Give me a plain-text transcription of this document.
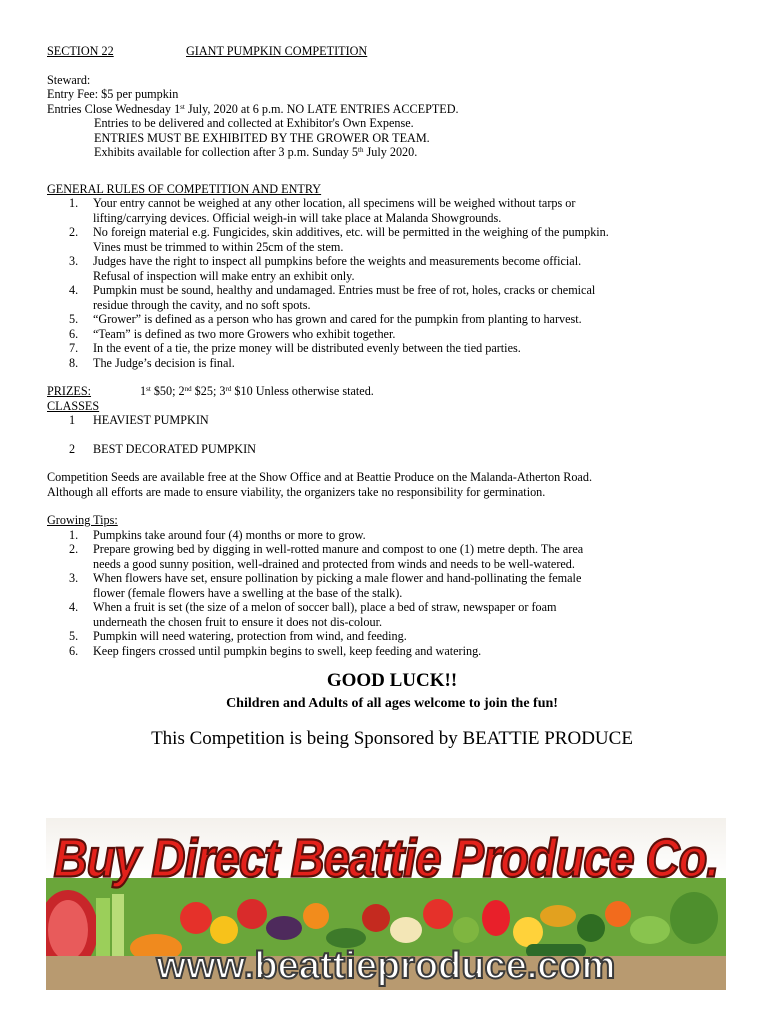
SECTION 22	GIANT PUMPKIN COMPETITION
Steward:
Entry Fee: $5 per pumpkin
Entries Close Wednesday 1st July, 2020 at 6 p.m. NO LATE ENTRIES ACCEPTED.
Entries to be delivered and collected at Exhibitor's Own Expense.
ENTRIES MUST BE EXHIBITED BY THE GROWER OR TEAM.
Exhibits available for collection after 3 p.m. Sunday 5th July 2020.
GENERAL RULES OF COMPETITION AND ENTRY
1. Your entry cannot be weighed at any other location, all specimens will be weighed without tarps or
lifting/carrying devices. Official weigh-in will take place at Malanda Showgrounds.
2. No foreign material e.g. Fungicides, skin additives, etc. will be permitted in the weighing of the pumpkin.
Vines must be trimmed to within 25cm of the stem.
3. Judges have the right to inspect all pumpkins before the weights and measurements become official.
Refusal of inspection will make entry an exhibit only.
4. Pumpkin must be sound, healthy and undamaged. Entries must be free of rot, holes, cracks or chemical
residue through the cavity, and no soft spots.
5. “Grower” is defined as a person who has grown and cared for the pumpkin from planting to harvest.
6. “Team” is defined as two more Growers who exhibit together.
7. In the event of a tie, the prize money will be distributed evenly between the tied parties.
8. The Judge’s decision is final.
PRIZES:	1st $50; 2nd $25; 3rd $10 Unless otherwise stated.
CLASSES
1 HEAVIEST PUMPKIN
2 BEST DECORATED PUMPKIN
Competition Seeds are available free at the Show Office and at Beattie Produce on the Malanda-Atherton Road.
Although all efforts are made to ensure viability, the organizers take no responsibility for germination.
Growing Tips:
1. Pumpkins take around four (4) months or more to grow.
2. Prepare growing bed by digging in well-rotted manure and compost to one (1) metre depth. The area
needs a good sunny position, well-drained and protected from winds and needs to be well-watered.
3. When flowers have set, ensure pollination by picking a male flower and hand-pollinating the female
flower (female flowers have a swelling at the base of the stalk).
4. When a fruit is set (the size of a melon of soccer ball), place a bed of straw, newspaper or foam
underneath the chosen fruit to ensure it does not dis-colour.
5. Pumpkin will need watering, protection from wind, and feeding.
6. Keep fingers crossed until pumpkin begins to swell, keep feeding and watering.
GOOD LUCK!!
Children and Adults of all ages welcome to join the fun!
This Competition is being Sponsored by BEATTIE PRODUCE
Buy Direct Beattie Produce Co.
www.beattieproduce.com
